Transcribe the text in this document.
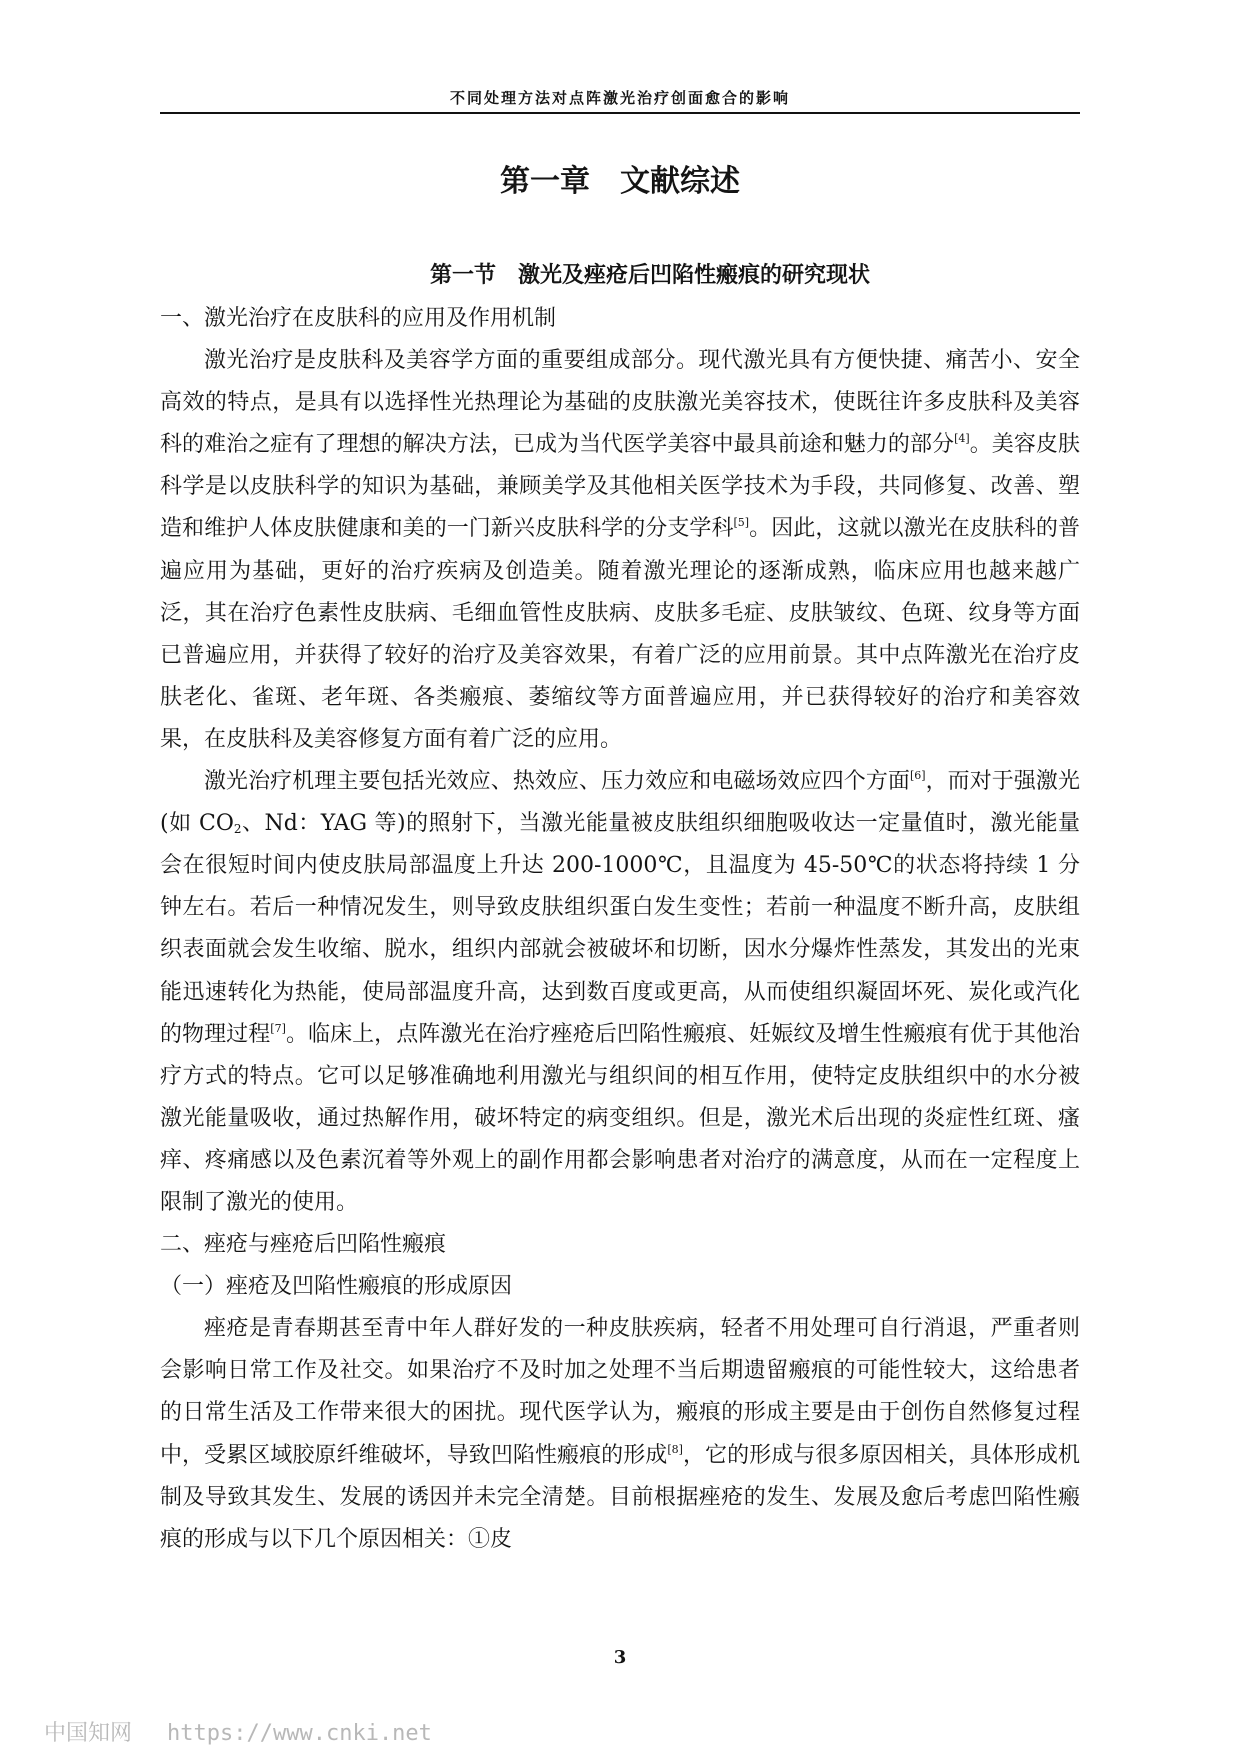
不同处理方法对点阵激光治疗创面愈合的影响
第一章　文献综述
第一节　激光及痤疮后凹陷性瘢痕的研究现状

一、激光治疗在皮肤科的应用及作用机制

激光治疗是皮肤科及美容学方面的重要组成部分。现代激光具有方便快捷、痛苦小、安全高效的特点，是具有以选择性光热理论为基础的皮肤激光美容技术，使既往许多皮肤科及美容科的难治之症有了理想的解决方法，已成为当代医学美容中最具前途和魅力的部分[4]。美容皮肤科学是以皮肤科学的知识为基础，兼顾美学及其他相关医学技术为手段，共同修复、改善、塑造和维护人体皮肤健康和美的一门新兴皮肤科学的分支学科[5]。因此，这就以激光在皮肤科的普遍应用为基础，更好的治疗疾病及创造美。随着激光理论的逐渐成熟，临床应用也越来越广泛，其在治疗色素性皮肤病、毛细血管性皮肤病、皮肤多毛症、皮肤皱纹、色斑、纹身等方面已普遍应用，并获得了较好的治疗及美容效果，有着广泛的应用前景。其中点阵激光在治疗皮肤老化、雀斑、老年斑、各类瘢痕、萎缩纹等方面普遍应用，并已获得较好的治疗和美容效果，在皮肤科及美容修复方面有着广泛的应用。

激光治疗机理主要包括光效应、热效应、压力效应和电磁场效应四个方面[6]，而对于强激光(如 $CO_2$、Nd：YAG 等)的照射下，当激光能量被皮肤组织细胞吸收达一定量值时，激光能量会在很短时间内使皮肤局部温度上升达 200-1000℃，且温度为 45-50℃的状态将持续 1 分钟左右。若后一种情况发生，则导致皮肤组织蛋白发生变性；若前一种温度不断升高，皮肤组织表面就会发生收缩、脱水，组织内部就会被破坏和切断，因水分爆炸性蒸发，其发出的光束能迅速转化为热能，使局部温度升高，达到数百度或更高，从而使组织凝固坏死、炭化或汽化的物理过程[7]。临床上，点阵激光在治疗痤疮后凹陷性瘢痕、妊娠纹及增生性瘢痕有优于其他治疗方式的特点。它可以足够准确地利用激光与组织间的相互作用，使特定皮肤组织中的水分被激光能量吸收，通过热解作用，破坏特定的病变组织。但是，激光术后出现的炎症性红斑、瘙痒、疼痛感以及色素沉着等外观上的副作用都会影响患者对治疗的满意度，从而在一定程度上限制了激光的使用。

二、痤疮与痤疮后凹陷性瘢痕

（一）痤疮及凹陷性瘢痕的形成原因

痤疮是青春期甚至青中年人群好发的一种皮肤疾病，轻者不用处理可自行消退，严重者则会影响日常工作及社交。如果治疗不及时加之处理不当后期遗留瘢痕的可能性较大，这给患者的日常生活及工作带来很大的困扰。现代医学认为，瘢痕的形成主要是由于创伤自然修复过程中，受累区域胶原纤维破坏，导致凹陷性瘢痕的形成[8]，它的形成与很多原因相关，具体形成机制及导致其发生、发展的诱因并未完全清楚。目前根据痤疮的发生、发展及愈后考虑凹陷性瘢痕的形成与以下几个原因相关：①皮

3
中国知网 https://www.cnki.net
